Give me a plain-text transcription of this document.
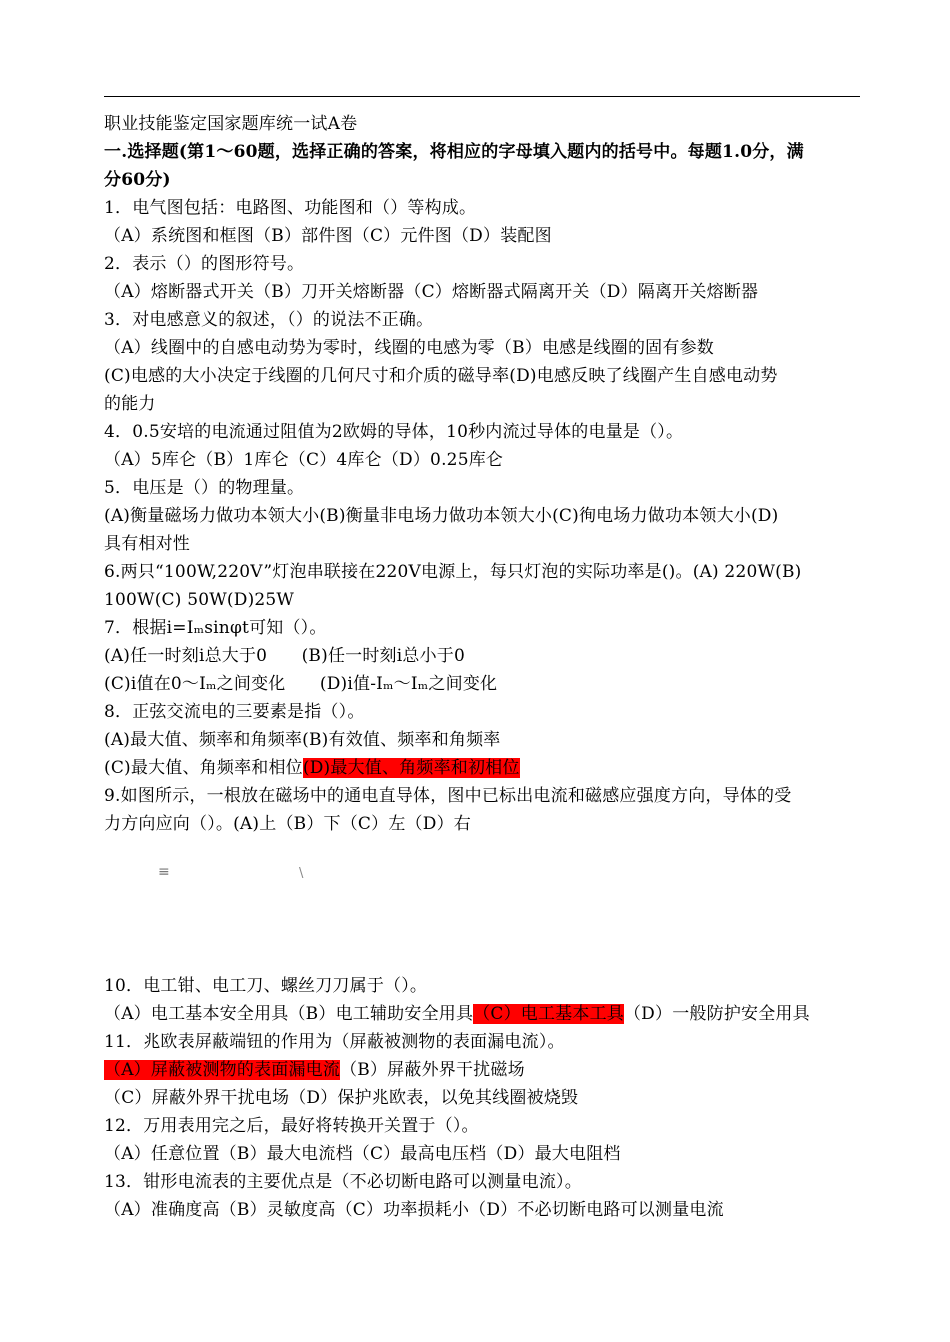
职业技能鉴定国家题库统一试A卷
一.选择题(第1～60题，选择正确的答案，将相应的字母填入题内的括号中。每题1.0分，满
分60分)
1．电气图包括：电路图、功能图和（）等构成。
（A）系统图和框图（B）部件图（C）元件图（D）装配图
2．表示（）的图形符号。
（A）熔断器式开关（B）刀开关熔断器（C）熔断器式隔离开关（D）隔离开关熔断器
3．对电感意义的叙述，（）的说法不正确。
（A）线圈中的自感电动势为零时，线圈的电感为零（B）电感是线圈的固有参数
(C)电感的大小决定于线圈的几何尺寸和介质的磁导率(D)电感反映了线圈产生自感电动势
的能力
4．0.5安培的电流通过阻值为2欧姆的导体，10秒内流过导体的电量是（）。
（A）5库仑（B）1库仑（C）4库仑（D）0.25库仑
5．电压是（）的物理量。
(A)衡量磁场力做功本领大小(B)衡量非电场力做功本领大小(C)徇电场力做功本领大小(D)
具有相对性
6.两只“100W,220V”灯泡串联接在220V电源上，每只灯泡的实际功率是()。(A) 220W(B)
100W(C) 50W(D)25W
7．根据i=Iₘsinφt可知（）。
(A)任一时刻i总大于0　　(B)任一时刻i总小于0
(C)i值在0～Iₘ之间变化　　(D)i值-Iₘ～Iₘ之间变化
8．正弦交流电的三要素是指（）。
(A)最大值、频率和角频率(B)有效值、频率和角频率
(C)最大值、角频率和相位(D)最大值、角频率和初相位
9.如图所示，一根放在磁场中的通电直导体，图中已标出电流和磁感应强度方向，导体的受
力方向应向（）。(A)上（B）下（C）左（D）右
≡	\
10．电工钳、电工刀、螺丝刀刀属于（）。
（A）电工基本安全用具（B）电工辅助安全用具（C）电工基本工具（D）一般防护安全用具
11．兆欧表屏蔽端钮的作用为（屏蔽被测物的表面漏电流）。
（A）屏蔽被测物的表面漏电流（B）屏蔽外界干扰磁场
（C）屏蔽外界干扰电场（D）保护兆欧表，以免其线圈被烧毁
12．万用表用完之后，最好将转换开关置于（）。
（A）任意位置（B）最大电流档（C）最高电压档（D）最大电阻档
13．钳形电流表的主要优点是（不必切断电路可以测量电流）。
（A）准确度高（B）灵敏度高（C）功率损耗小（D）不必切断电路可以测量电流
